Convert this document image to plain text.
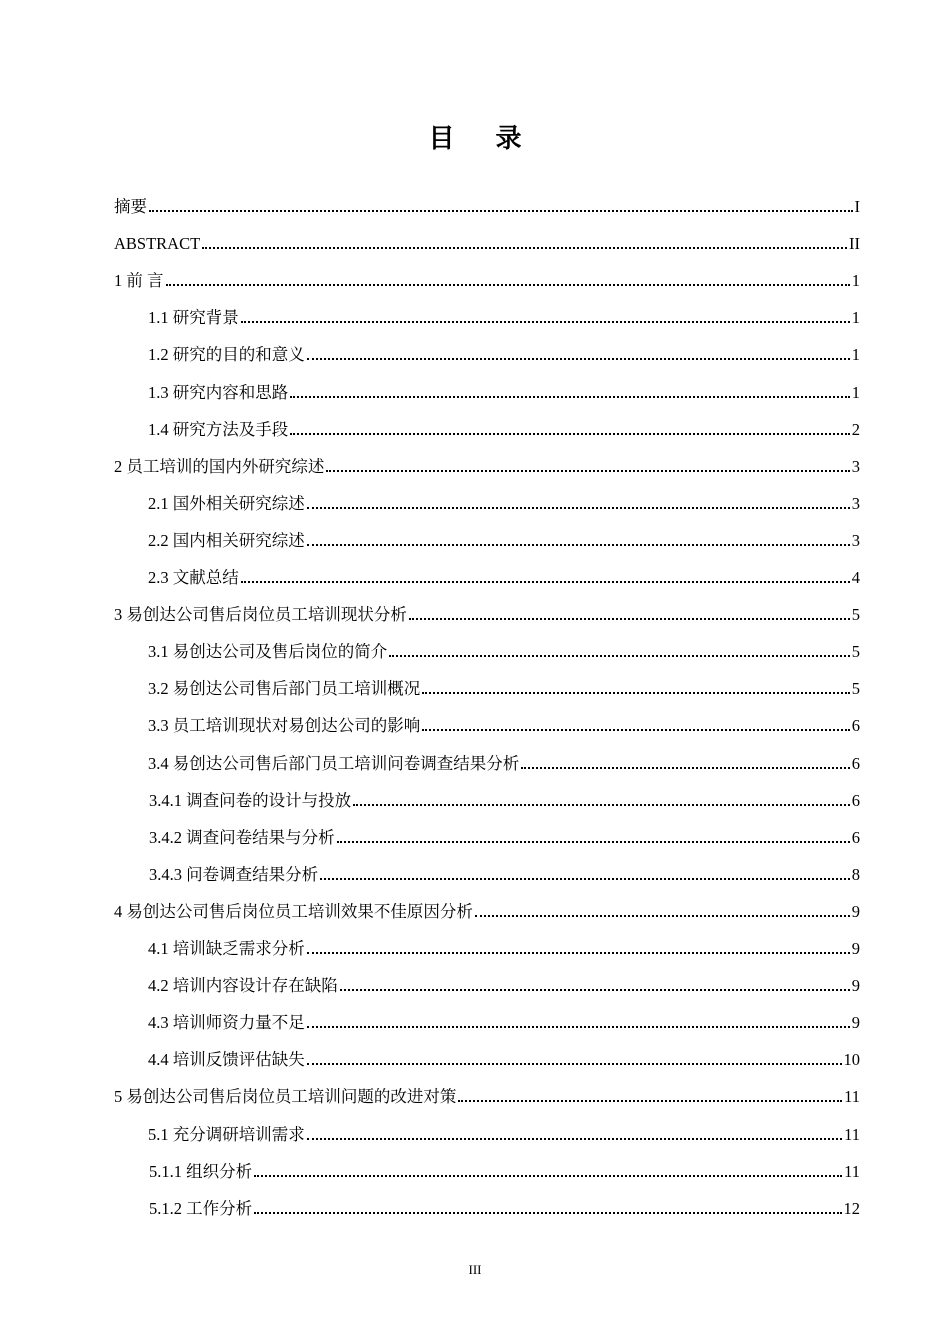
目 录
摘要	I
ABSTRACT	II
1 前 言	1
1.1 研究背景	1
1.2 研究的目的和意义	1
1.3 研究内容和思路	1
1.4 研究方法及手段	2
2 员工培训的国内外研究综述	3
2.1 国外相关研究综述	3
2.2 国内相关研究综述	3
2.3 文献总结	4
3 易创达公司售后岗位员工培训现状分析	5
3.1 易创达公司及售后岗位的简介	5
3.2 易创达公司售后部门员工培训概况	5
3.3 员工培训现状对易创达公司的影响	6
3.4 易创达公司售后部门员工培训问卷调查结果分析	6
3.4.1 调查问卷的设计与投放	6
3.4.2 调查问卷结果与分析	6
3.4.3 问卷调查结果分析	8
4 易创达公司售后岗位员工培训效果不佳原因分析	9
4.1 培训缺乏需求分析	9
4.2 培训内容设计存在缺陷	9
4.3 培训师资力量不足	9
4.4 培训反馈评估缺失	10
5 易创达公司售后岗位员工培训问题的改进对策	11
5.1 充分调研培训需求	11
5.1.1 组织分析	11
5.1.2 工作分析	12
III
